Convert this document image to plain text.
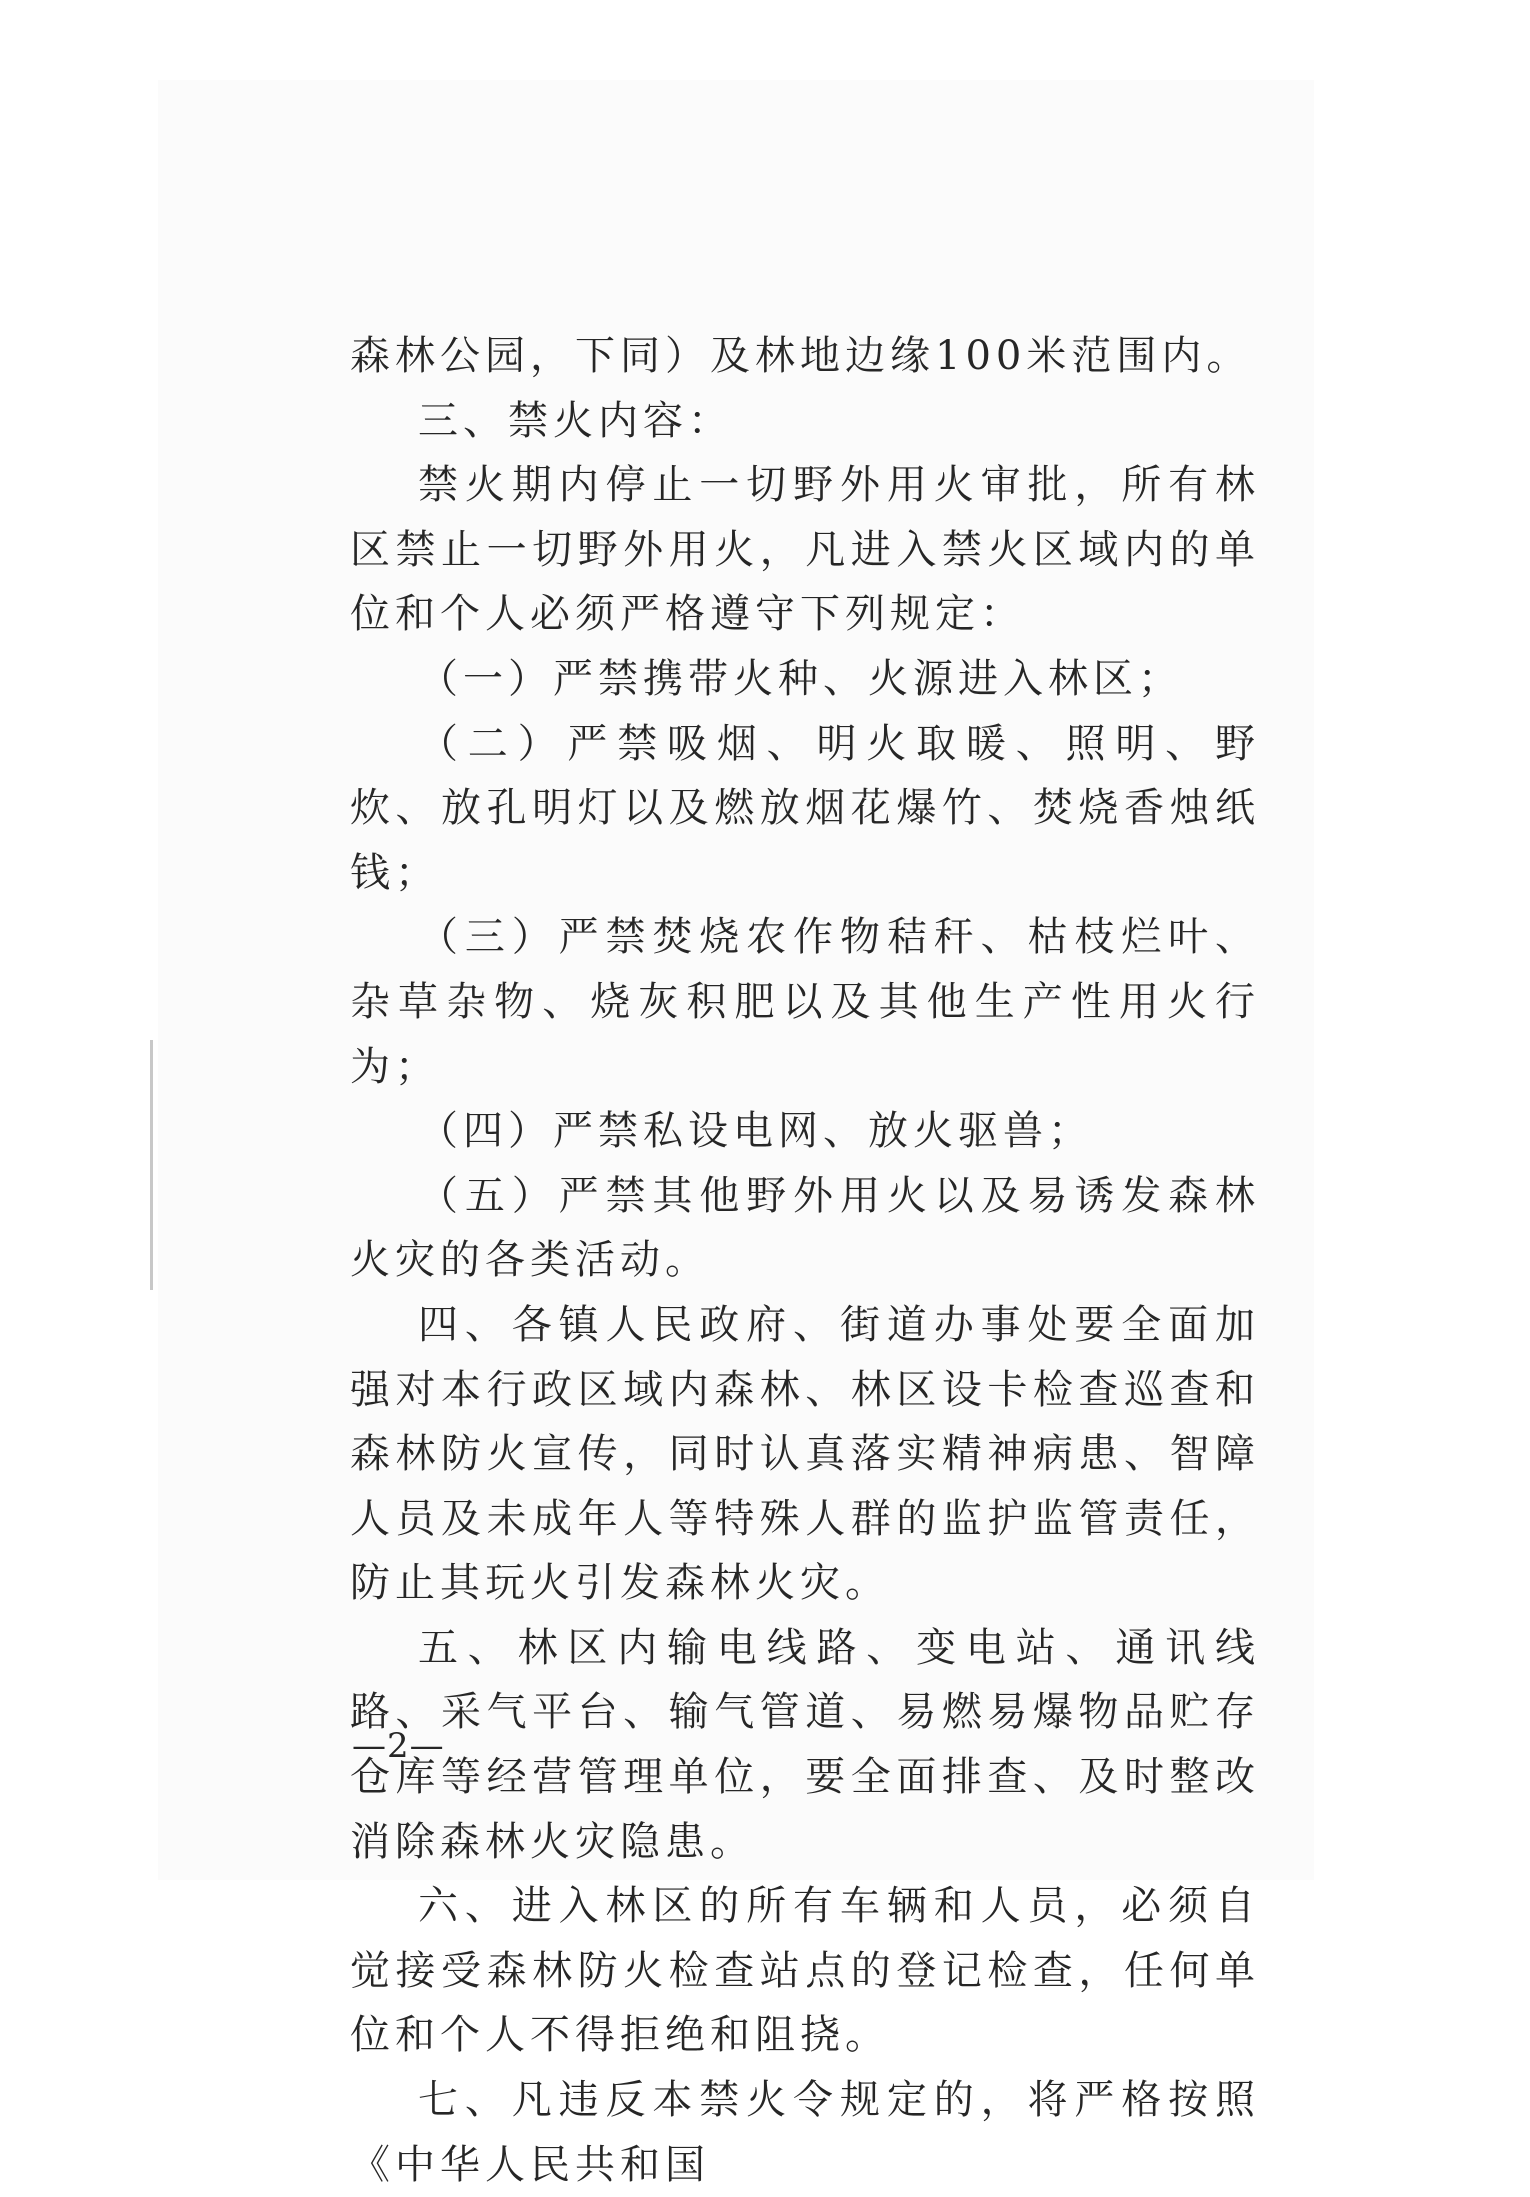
森林公园，下同）及林地边缘100米范围内。

三、禁火内容：

禁火期内停止一切野外用火审批，所有林区禁止一切野外用火，凡进入禁火区域内的单位和个人必须严格遵守下列规定：

（一）严禁携带火种、火源进入林区；

（二）严禁吸烟、明火取暖、照明、野炊、放孔明灯以及燃放烟花爆竹、焚烧香烛纸钱；

（三）严禁焚烧农作物秸秆、枯枝烂叶、杂草杂物、烧灰积肥以及其他生产性用火行为；

（四）严禁私设电网、放火驱兽；

（五）严禁其他野外用火以及易诱发森林火灾的各类活动。

四、各镇人民政府、街道办事处要全面加强对本行政区域内森林、林区设卡检查巡查和森林防火宣传，同时认真落实精神病患、智障人员及未成年人等特殊人群的监护监管责任，防止其玩火引发森林火灾。

五、林区内输电线路、变电站、通讯线路、采气平台、输气管道、易燃易爆物品贮存仓库等经营管理单位，要全面排查、及时整改消除森林火灾隐患。

六、进入林区的所有车辆和人员，必须自觉接受森林防火检查站点的登记检查，任何单位和个人不得拒绝和阻挠。

七、凡违反本禁火令规定的，将严格按照《中华人民共和国

—2—
